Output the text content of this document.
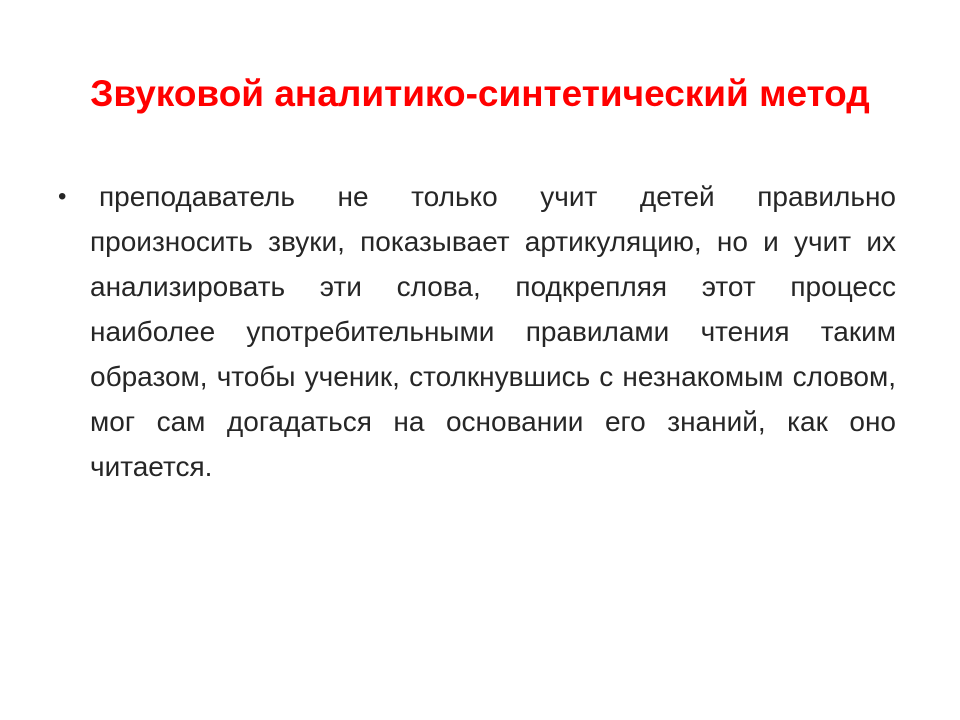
Звуковой аналитико-синтетический метод
•	преподаватель не только учит детей правильно произносить звуки, показывает артикуляцию, но и учит их анализировать эти слова, подкрепляя этот процесс наиболее употребительными правилами чтения таким образом, чтобы ученик, столкнувшись с незнакомым словом, мог сам догадаться на основании его знаний, как оно читается.
